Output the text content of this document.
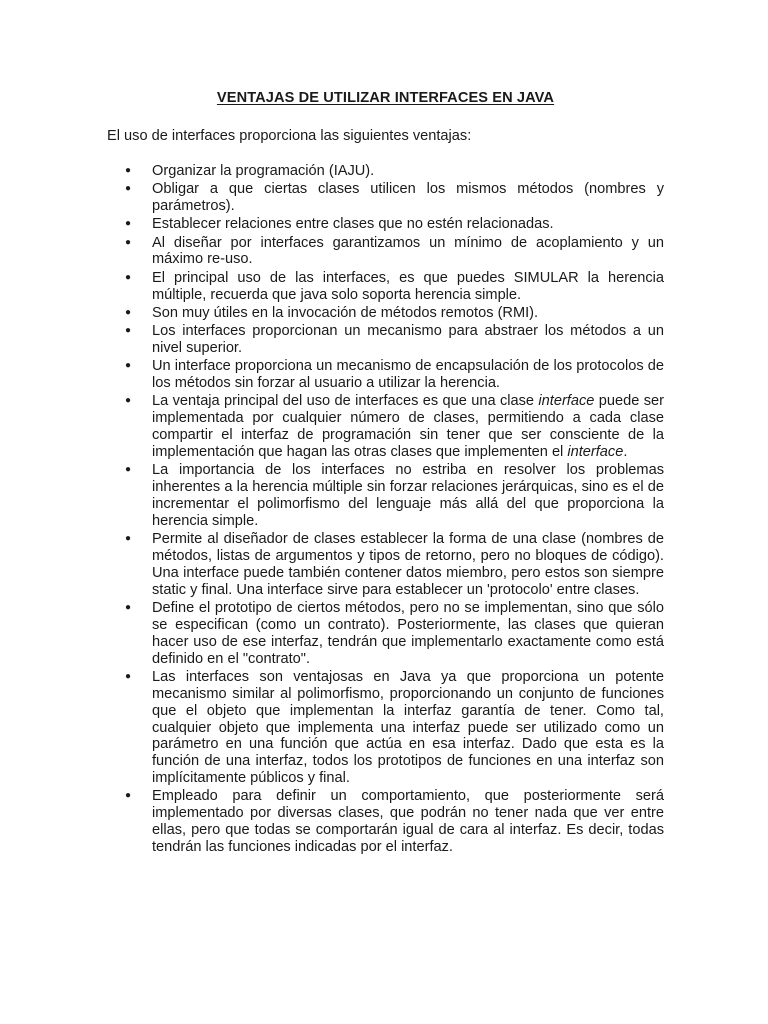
VENTAJAS DE UTILIZAR INTERFACES EN JAVA

El uso de interfaces proporciona las siguientes ventajas:

● Organizar la programación (IAJU).
● Obligar a que ciertas clases utilicen los mismos métodos (nombres y parámetros).
● Establecer relaciones entre clases que no estén relacionadas.
● Al diseñar por interfaces garantizamos un mínimo de acoplamiento y un máximo re-uso.
● El principal uso de las interfaces, es que puedes SIMULAR la herencia múltiple, recuerda que java solo soporta herencia simple.
● Son muy útiles en la invocación de métodos remotos (RMI).
● Los interfaces proporcionan un mecanismo para abstraer los métodos a un nivel superior.
● Un interface proporciona un mecanismo de encapsulación de los protocolos de los métodos sin forzar al usuario a utilizar la herencia.
● La ventaja principal del uso de interfaces es que una clase interface puede ser implementada por cualquier número de clases, permitiendo a cada clase compartir el interfaz de programación sin tener que ser consciente de la implementación que hagan las otras clases que implementen el interface.
● La importancia de los interfaces no estriba en resolver los problemas inherentes a la herencia múltiple sin forzar relaciones jerárquicas, sino es el de incrementar el polimorfismo del lenguaje más allá del que proporciona la herencia simple.
● Permite al diseñador de clases establecer la forma de una clase (nombres de métodos, listas de argumentos y tipos de retorno, pero no bloques de código). Una interface puede también contener datos miembro, pero estos son siempre static y final. Una interface sirve para establecer un 'protocolo' entre clases.
● Define el prototipo de ciertos métodos, pero no se implementan, sino que sólo se especifican (como un contrato). Posteriormente, las clases que quieran hacer uso de ese interfaz, tendrán que implementarlo exactamente como está definido en el "contrato".
● Las interfaces son ventajosas en Java ya que proporciona un potente mecanismo similar al polimorfismo, proporcionando un conjunto de funciones que el objeto que implementan la interfaz garantía de tener. Como tal, cualquier objeto que implementa una interfaz puede ser utilizado como un parámetro en una función que actúa en esa interfaz. Dado que esta es la función de una interfaz, todos los prototipos de funciones en una interfaz son implícitamente públicos y final.
● Empleado para definir un comportamiento, que posteriormente será implementado por diversas clases, que podrán no tener nada que ver entre ellas, pero que todas se comportarán igual de cara al interfaz. Es decir, todas tendrán las funciones indicadas por el interfaz.
